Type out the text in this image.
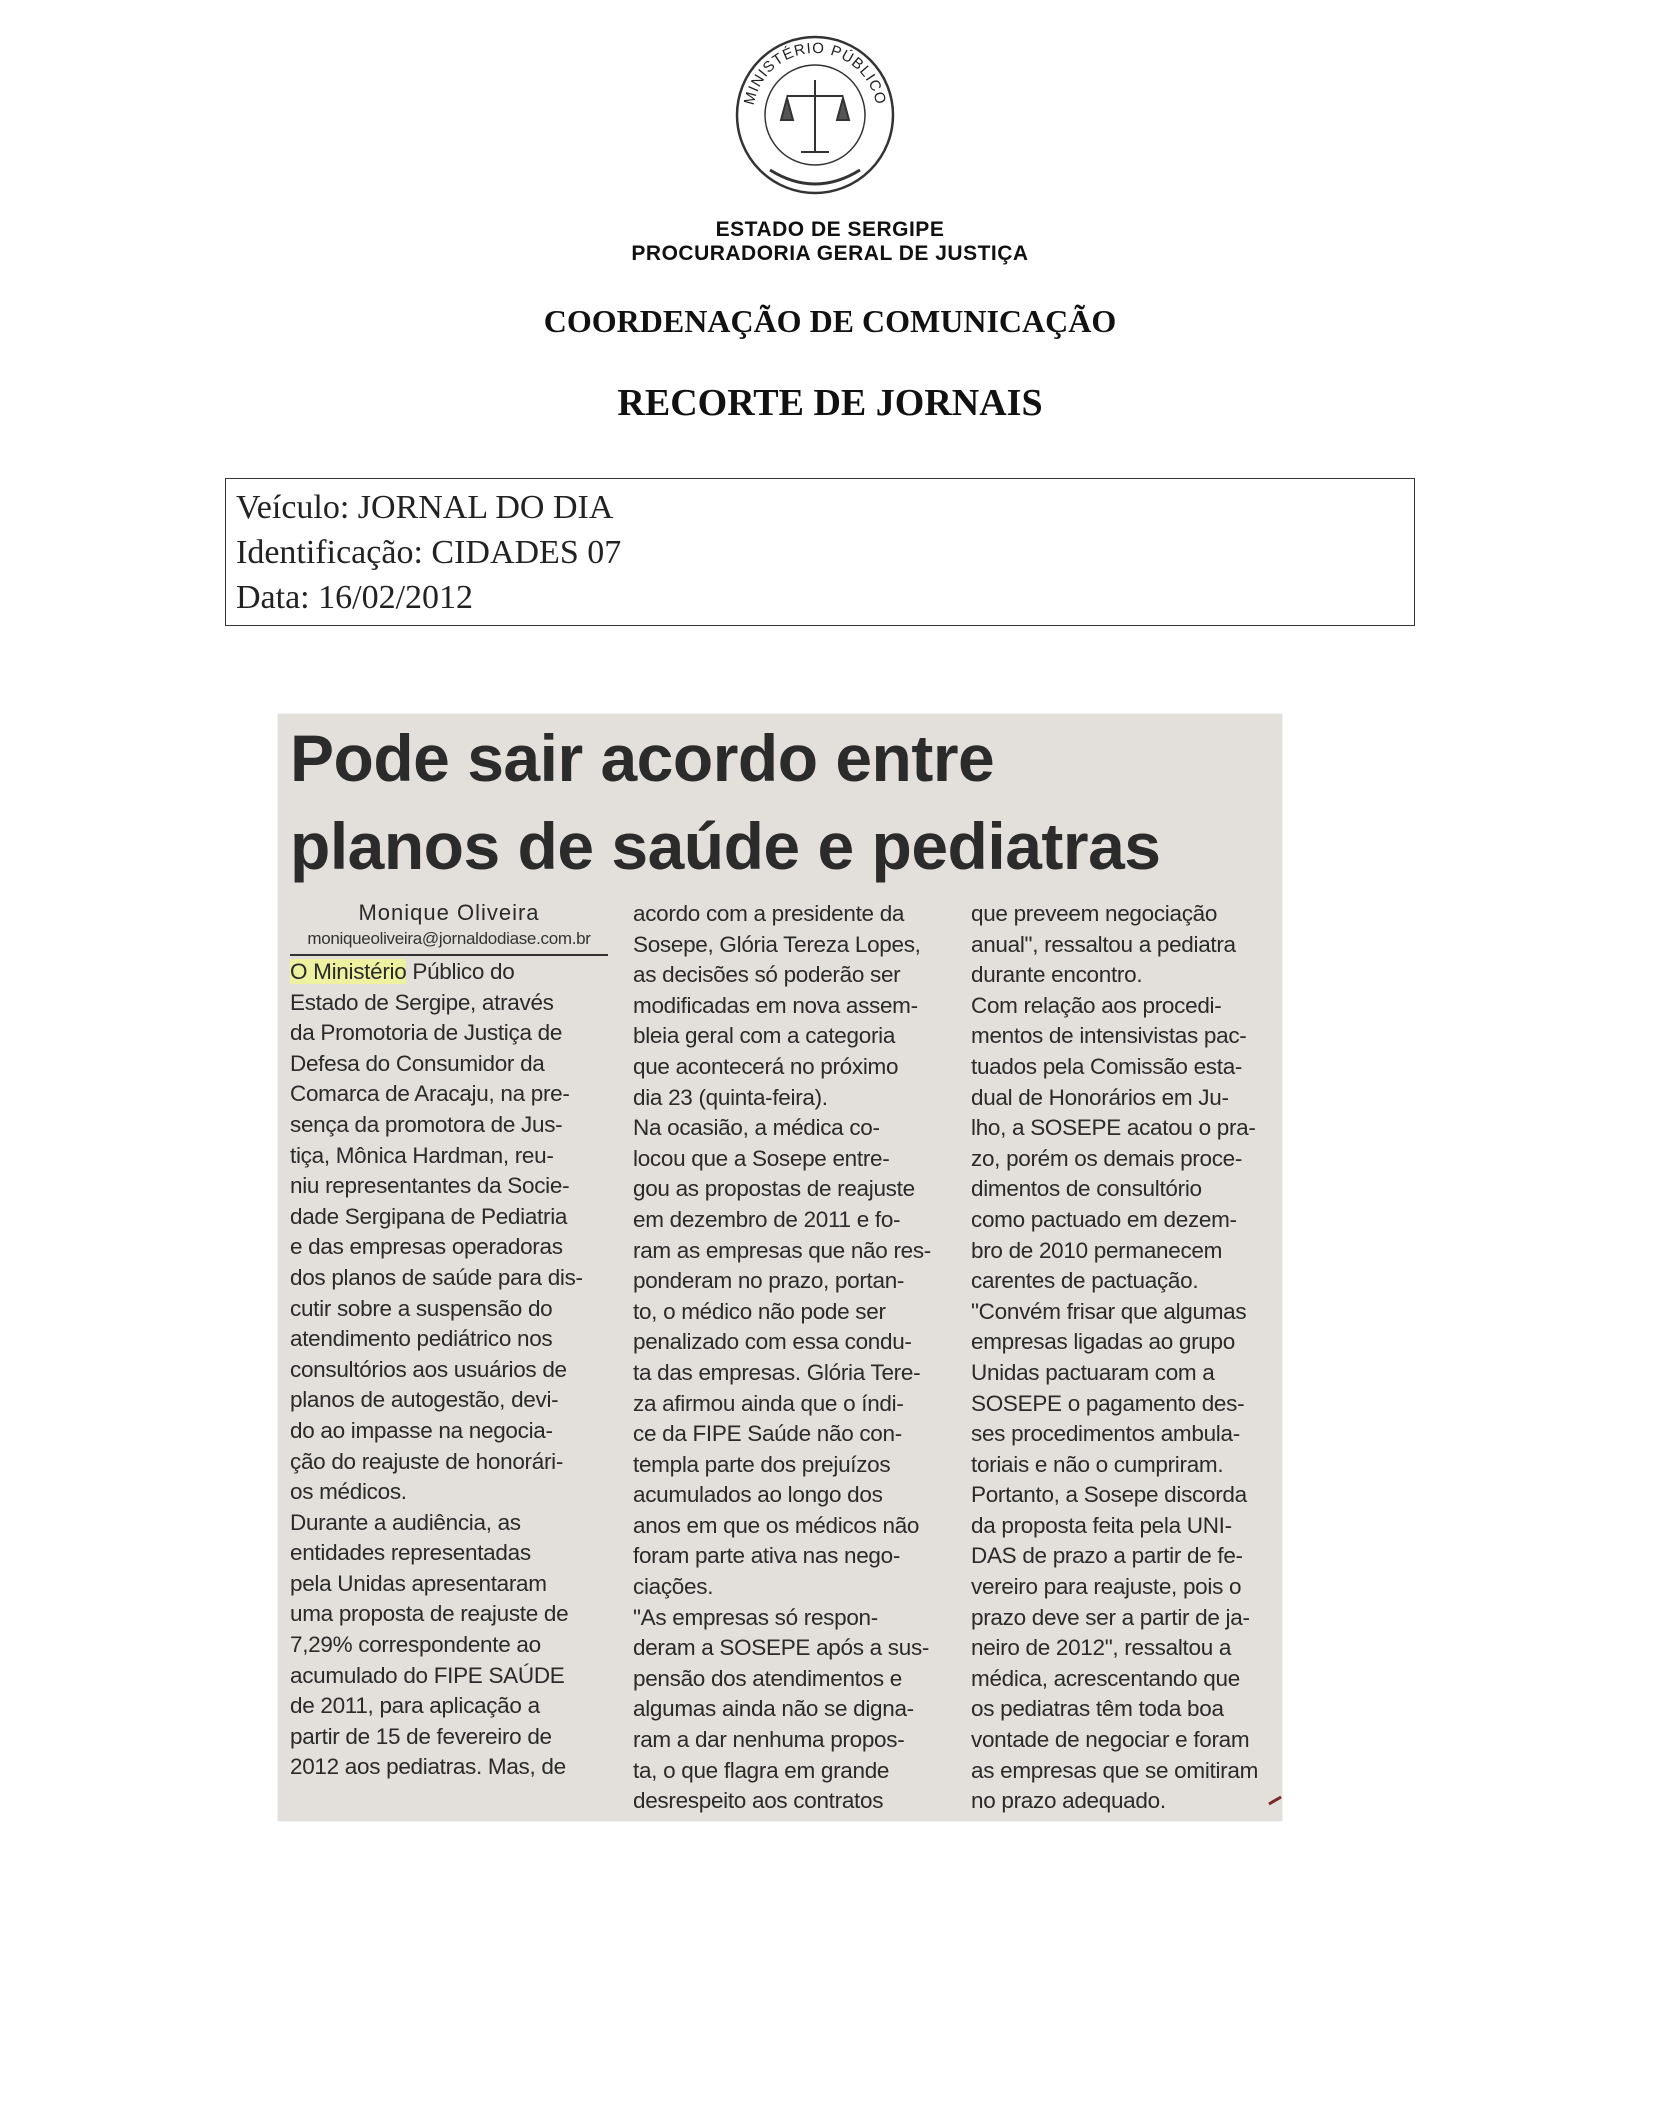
MINISTÉRIO PÚBLICO
ESTADO DE SERGIPE
PROCURADORIA GERAL DE JUSTIÇA
COORDENAÇÃO DE COMUNICAÇÃO
RECORTE DE JORNAIS
Veículo: JORNAL DO DIA
Identificação: CIDADES 07
Data: 16/02/2012
Pode sair acordo entre
planos de saúde e pediatras
Monique Oliveira
moniqueoliveira@jornaldodiase.com.br
O Ministério Público do
Estado de Sergipe, através
da Promotoria de Justiça de
Defesa do Consumidor da
Comarca de Aracaju, na pre-
sença da promotora de Jus-
tiça, Mônica Hardman, reu-
niu representantes da Socie-
dade Sergipana de Pediatria
e das empresas operadoras
dos planos de saúde para dis-
cutir sobre a suspensão do
atendimento pediátrico nos
consultórios aos usuários de
planos de autogestão, devi-
do ao impasse na negocia-
ção do reajuste de honorári-
os médicos.
Durante a audiência, as
entidades representadas
pela Unidas apresentaram
uma proposta de reajuste de
7,29% correspondente ao
acumulado do FIPE SAÚDE
de 2011, para aplicação a
partir de 15 de fevereiro de
2012 aos pediatras. Mas, de
acordo com a presidente da
Sosepe, Glória Tereza Lopes,
as decisões só poderão ser
modificadas em nova assem-
bleia geral com a categoria
que acontecerá no próximo
dia 23 (quinta-feira).
Na ocasião, a médica co-
locou que a Sosepe entre-
gou as propostas de reajuste
em dezembro de 2011 e fo-
ram as empresas que não res-
ponderam no prazo, portan-
to, o médico não pode ser
penalizado com essa condu-
ta das empresas. Glória Tere-
za afirmou ainda que o índi-
ce da FIPE Saúde não con-
templa parte dos prejuízos
acumulados ao longo dos
anos em que os médicos não
foram parte ativa nas nego-
ciações.
"As empresas só respon-
deram a SOSEPE após a sus-
pensão dos atendimentos e
algumas ainda não se digna-
ram a dar nenhuma propos-
ta, o que flagra em grande
desrespeito aos contratos
que preveem negociação
anual", ressaltou a pediatra
durante encontro.
Com relação aos procedi-
mentos de intensivistas pac-
tuados pela Comissão esta-
dual de Honorários em Ju-
lho, a SOSEPE acatou o pra-
zo, porém os demais proce-
dimentos de consultório
como pactuado em dezem-
bro de 2010 permanecem
carentes de pactuação.
"Convém frisar que algumas
empresas ligadas ao grupo
Unidas pactuaram com a
SOSEPE o pagamento des-
ses procedimentos ambula-
toriais e não o cumpriram.
Portanto, a Sosepe discorda
da proposta feita pela UNI-
DAS de prazo a partir de fe-
vereiro para reajuste, pois o
prazo deve ser a partir de ja-
neiro de 2012", ressaltou a
médica, acrescentando que
os pediatras têm toda boa
vontade de negociar e foram
as empresas que se omitiram
no prazo adequado.
